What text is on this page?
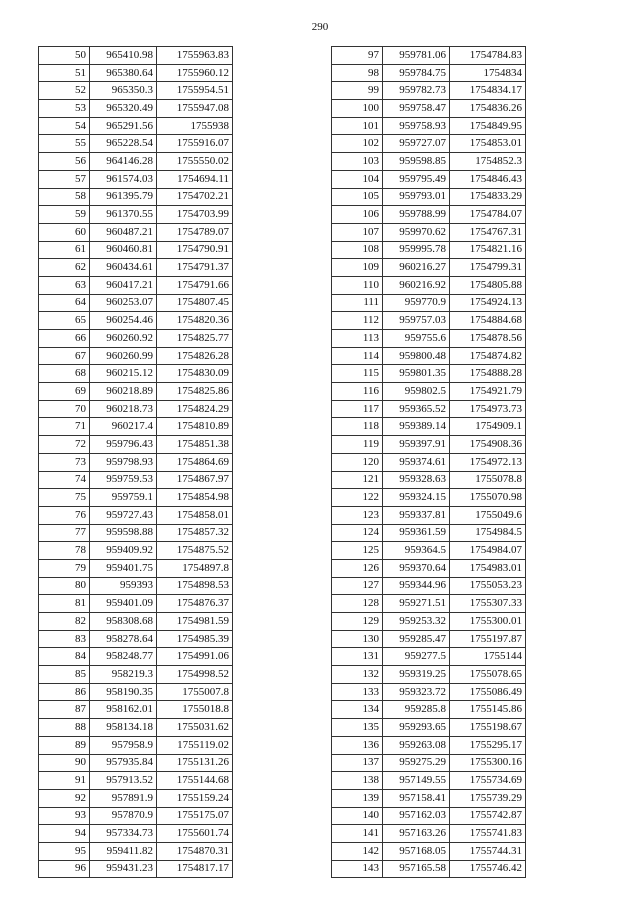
290
50	965410.98	1755963.83
51	965380.64	1755960.12
52	965350.3	1755954.51
53	965320.49	1755947.08
54	965291.56	1755938
55	965228.54	1755916.07
56	964146.28	1755550.02
57	961574.03	1754694.11
58	961395.79	1754702.21
59	961370.55	1754703.99
60	960487.21	1754789.07
61	960460.81	1754790.91
62	960434.61	1754791.37
63	960417.21	1754791.66
64	960253.07	1754807.45
65	960254.46	1754820.36
66	960260.92	1754825.77
67	960260.99	1754826.28
68	960215.12	1754830.09
69	960218.89	1754825.86
70	960218.73	1754824.29
71	960217.4	1754810.89
72	959796.43	1754851.38
73	959798.93	1754864.69
74	959759.53	1754867.97
75	959759.1	1754854.98
76	959727.43	1754858.01
77	959598.88	1754857.32
78	959409.92	1754875.52
79	959401.75	1754897.8
80	959393	1754898.53
81	959401.09	1754876.37
82	958308.68	1754981.59
83	958278.64	1754985.39
84	958248.77	1754991.06
85	958219.3	1754998.52
86	958190.35	1755007.8
87	958162.01	1755018.8
88	958134.18	1755031.62
89	957958.9	1755119.02
90	957935.84	1755131.26
91	957913.52	1755144.68
92	957891.9	1755159.24
93	957870.9	1755175.07
94	957334.73	1755601.74
95	959411.82	1754870.31
96	959431.23	1754817.17
97	959781.06	1754784.83
98	959784.75	1754834
99	959782.73	1754834.17
100	959758.47	1754836.26
101	959758.93	1754849.95
102	959727.07	1754853.01
103	959598.85	1754852.3
104	959795.49	1754846.43
105	959793.01	1754833.29
106	959788.99	1754784.07
107	959970.62	1754767.31
108	959995.78	1754821.16
109	960216.27	1754799.31
110	960216.92	1754805.88
111	959770.9	1754924.13
112	959757.03	1754884.68
113	959755.6	1754878.56
114	959800.48	1754874.82
115	959801.35	1754888.28
116	959802.5	1754921.79
117	959365.52	1754973.73
118	959389.14	1754909.1
119	959397.91	1754908.36
120	959374.61	1754972.13
121	959328.63	1755078.8
122	959324.15	1755070.98
123	959337.81	1755049.6
124	959361.59	1754984.5
125	959364.5	1754984.07
126	959370.64	1754983.01
127	959344.96	1755053.23
128	959271.51	1755307.33
129	959253.32	1755300.01
130	959285.47	1755197.87
131	959277.5	1755144
132	959319.25	1755078.65
133	959323.72	1755086.49
134	959285.8	1755145.86
135	959293.65	1755198.67
136	959263.08	1755295.17
137	959275.29	1755300.16
138	957149.55	1755734.69
139	957158.41	1755739.29
140	957162.03	1755742.87
141	957163.26	1755741.83
142	957168.05	1755744.31
143	957165.58	1755746.42
